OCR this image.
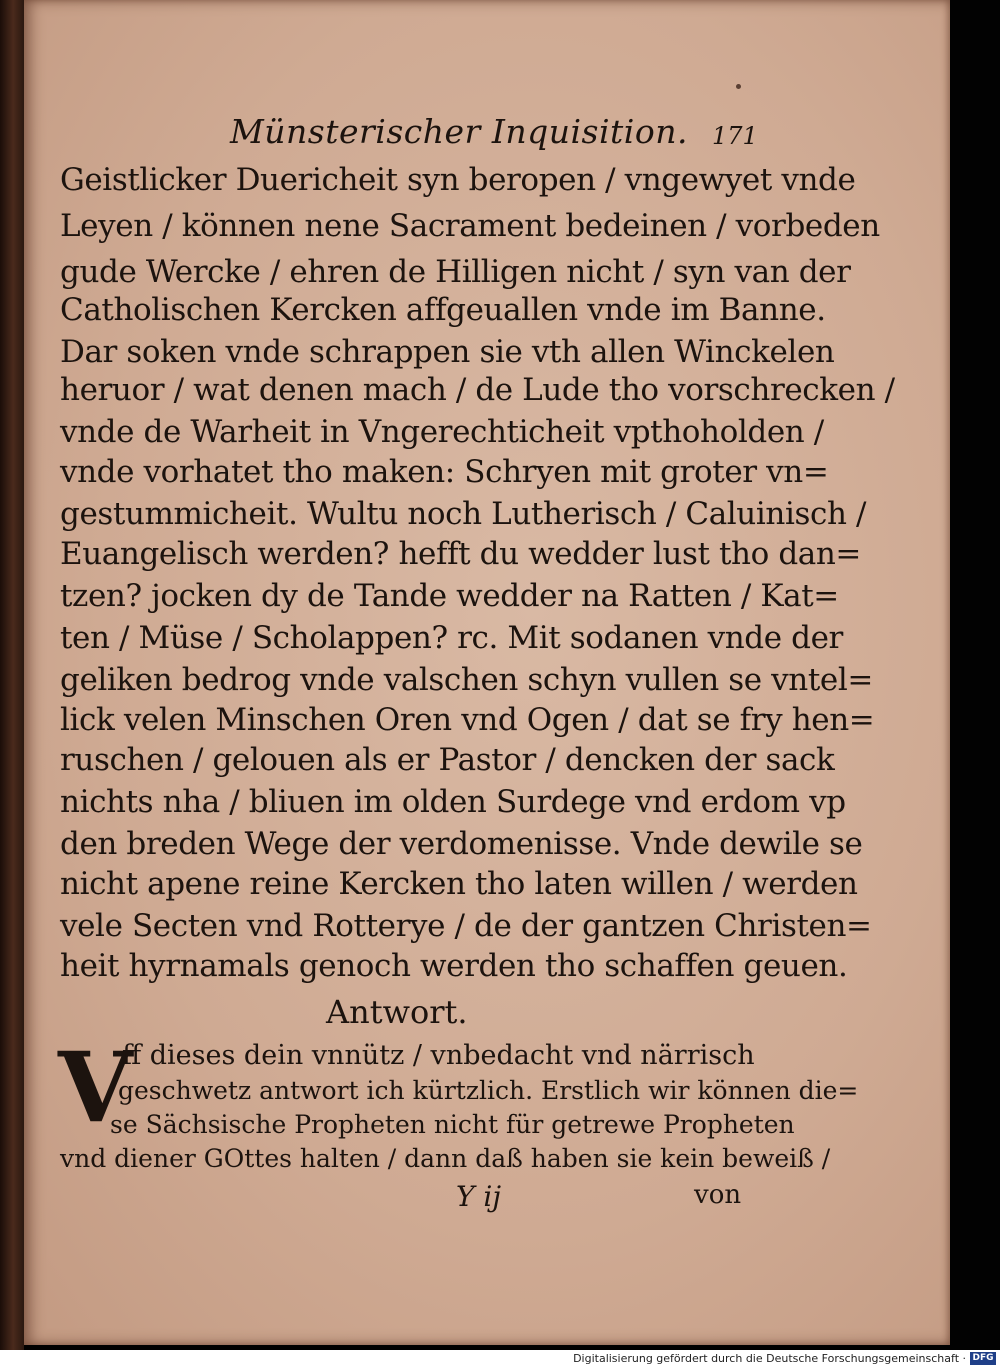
Münsterischer Inquisition. 171
Geistlicker Duericheit syn beropen / vngewyet vnde
Leyen / können nene Sacrament bedeinen / vorbeden
gude Wercke / ehren de Hilligen nicht / syn van der
Catholischen Kercken affgeuallen vnde im Banne.
Dar soken vnde schrappen sie vth allen Winckelen
heruor / wat denen mach / de Lude tho vorschrecken /
vnde de Warheit in Vngerechticheit vpthoholden /
vnde vorhatet tho maken: Schryen mit groter vn=
gestummicheit. Wultu noch Lutherisch / Caluinisch /
Euangelisch werden? hefft du wedder lust tho dan=
tzen? jocken dy de Tande wedder na Ratten / Kat=
ten / Müse / Scholappen? rc. Mit sodanen vnde der
geliken bedrog vnde valschen schyn vullen se vntel=
lick velen Minschen Oren vnd Ogen / dat se fry hen=
ruschen / gelouen als er Pastor / dencken der sack
nichts nha / bliuen im olden Surdege vnd erdom vp
den breden Wege der verdomenisse. Vnde dewile se
nicht apene reine Kercken tho laten willen / werden
vele Secten vnd Rotterye / de der gantzen Christen=
heit hyrnamals genoch werden tho schaffen geuen.
Antwort.
V
ff dieses dein vnnütz / vnbedacht vnd närrisch
geschwetz antwort ich kürtzlich. Erstlich wir können die=
se Sächsische Propheten nicht für getrewe Propheten
vnd diener GOttes halten / dann daß haben sie kein beweiß /
Y ij	von
Digitalisierung gefördert durch die Deutsche Forschungsgemeinschaft · DFG
